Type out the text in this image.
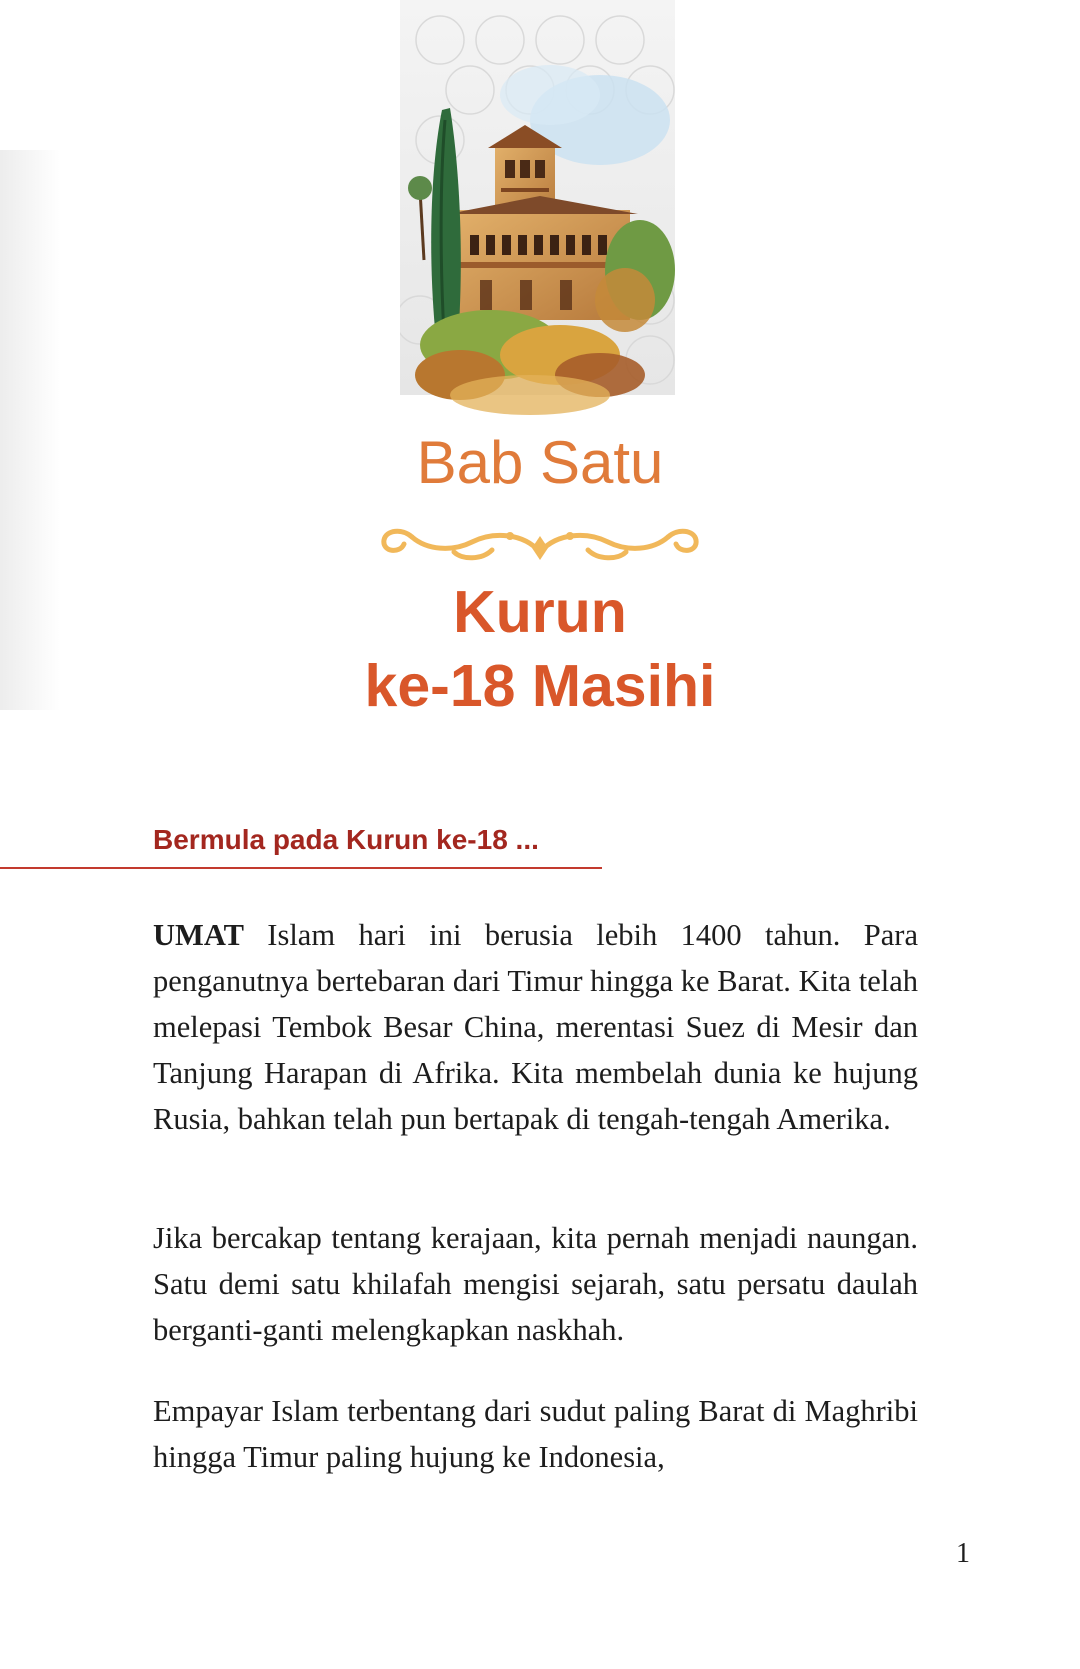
Bab Satu
Kurun
ke-18 Masihi
Bermula pada Kurun ke-18 ...

UMAT Islam hari ini berusia lebih 1400 tahun. Para penganutnya bertebaran dari Timur hingga ke Barat. Kita telah melepasi Tembok Besar China, merentasi Suez di Mesir dan Tanjung Harapan di Afrika. Kita membelah dunia ke hujung Rusia, bahkan telah pun bertapak di tengah-tengah Amerika.

Jika bercakap tentang kerajaan, kita pernah menjadi naungan. Satu demi satu khilafah mengisi sejarah, satu persatu daulah berganti-ganti melengkapkan naskhah.

Empayar Islam terbentang dari sudut paling Barat di Maghribi hingga Timur paling hujung ke Indonesia,

1
